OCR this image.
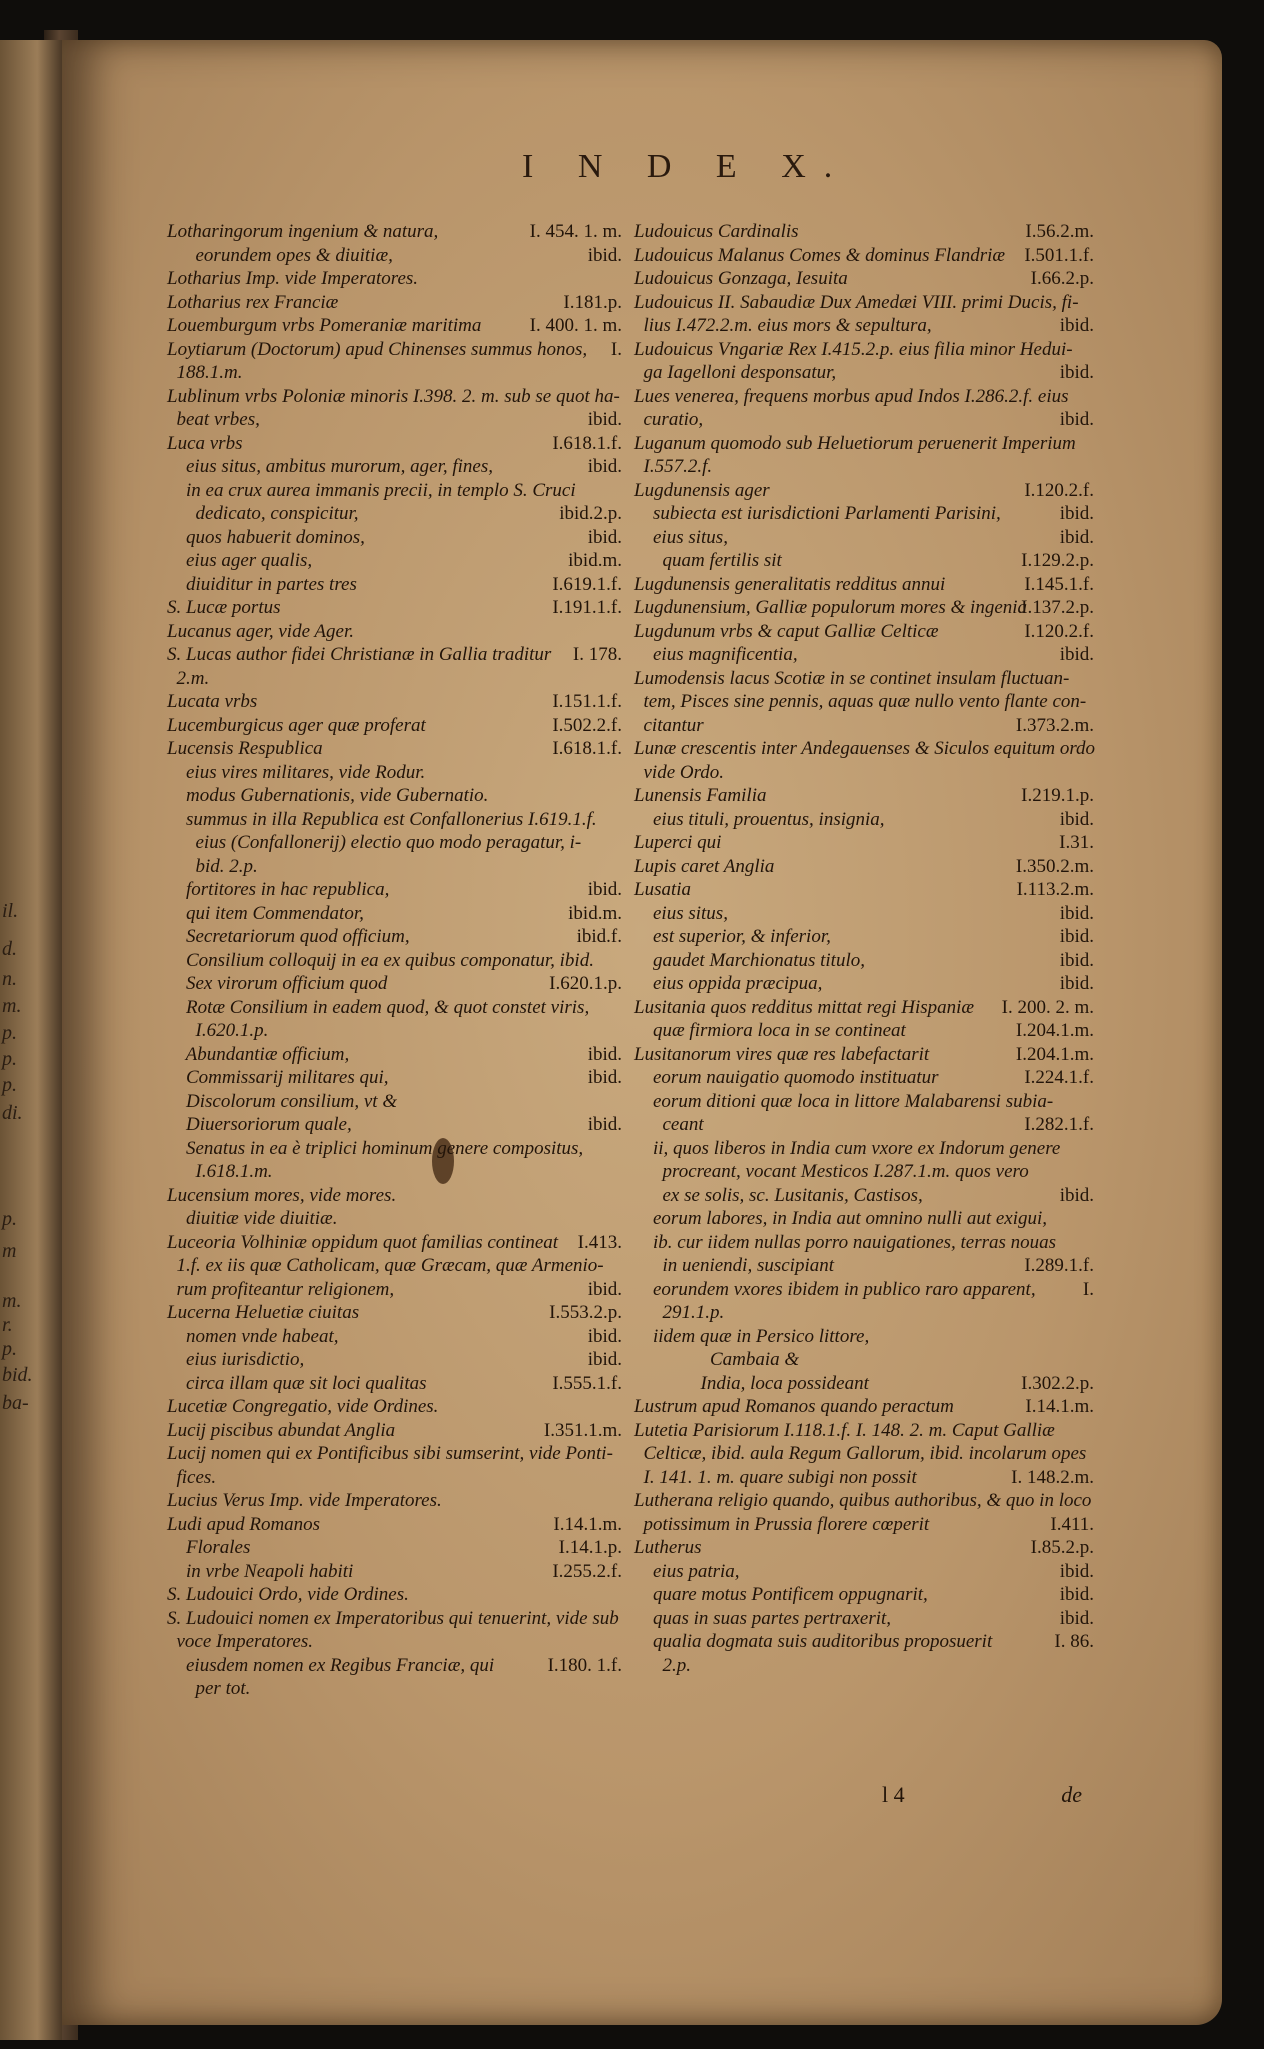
il.
d.
n.
m.
p.
p.
p.
di.
p.
m
m.
r.
p.
bid.
ba-
I N D E X.
Lotharingorum ingenium & natura,	I. 454. 1. m.
eorundem opes & diuitiæ,	ibid.
Lotharius Imp. vide Imperatores.
Lotharius rex Franciæ	I.181.p.
Louemburgum vrbs Pomeraniæ maritima	I. 400. 1. m.
Loytiarum (Doctorum) apud Chinenses summus honos, I.
188.1.m.
Lublinum vrbs Poloniæ minoris I.398. 2. m. sub se quot ha-
beat vrbes,	ibid.
Luca vrbs	I.618.1.f.
eius situs, ambitus murorum, ager, fines,	ibid.
in ea crux aurea immanis precii, in templo S. Cruci
dedicato, conspicitur,	ibid.2.p.
quos habuerit dominos,	ibid.
eius ager qualis,	ibid.m.
diuiditur in partes tres	I.619.1.f.
S. Lucæ portus	I.191.1.f.
Lucanus ager, vide Ager.
S. Lucas author fidei Christianæ in Gallia traditur I. 178.
2.m.
Lucata vrbs	I.151.1.f.
Lucemburgicus ager quæ proferat	I.502.2.f.
Lucensis Respublica	I.618.1.f.
eius vires militares, vide Rodur.
modus Gubernationis, vide Gubernatio.
summus in illa Republica est Confallonerius I.619.1.f.
eius (Confallonerij) electio quo modo peragatur, i-
bid. 2.p.
fortitores in hac republica,	ibid.
qui item Commendator,	ibid.m.
Secretariorum quod officium,	ibid.f.
Consilium colloquij in ea ex quibus componatur, ibid.
Sex virorum officium quod	I.620.1.p.
Rotæ Consilium in eadem quod, & quot constet viris,
I.620.1.p.
Abundantiæ officium,	ibid.
Commissarij militares qui,	ibid.
Discolorum consilium, vt &
Diuersoriorum quale,	ibid.
Senatus in ea è triplici hominum genere compositus,
I.618.1.m.
Lucensium mores, vide mores.
diuitiæ vide diuitiæ.
Luceoria Volhiniæ oppidum quot familias contineat I.413.
1.f. ex iis quæ Catholicam, quæ Græcam, quæ Armenio-
rum profiteantur religionem,	ibid.
Lucerna Heluetiæ ciuitas	I.553.2.p.
nomen vnde habeat,	ibid.
eius iurisdictio,	ibid.
circa illam quæ sit loci qualitas	I.555.1.f.
Lucetiæ Congregatio, vide Ordines.
Lucij piscibus abundat Anglia	I.351.1.m.
Lucij nomen qui ex Pontificibus sibi sumserint, vide Ponti-
fices.
Lucius Verus Imp. vide Imperatores.
Ludi apud Romanos	I.14.1.m.
Florales	I.14.1.p.
in vrbe Neapoli habiti	I.255.2.f.
S. Ludouici Ordo, vide Ordines.
S. Ludouici nomen ex Imperatoribus qui tenuerint, vide sub
voce Imperatores.
eiusdem nomen ex Regibus Franciæ, qui	I.180. 1.f.
per tot.
Ludouicus Cardinalis	I.56.2.m.
Ludouicus Malanus Comes & dominus Flandriæ I.501.1.f.
Ludouicus Gonzaga, Iesuita	I.66.2.p.
Ludouicus II. Sabaudiæ Dux Amedæi VIII. primi Ducis, fi-
lius I.472.2.m. eius mors & sepultura,	ibid.
Ludouicus Vngariæ Rex I.415.2.p. eius filia minor Hedui-
ga Iagelloni desponsatur,	ibid.
Lues venerea, frequens morbus apud Indos I.286.2.f. eius
curatio,	ibid.
Luganum quomodo sub Heluetiorum peruenerit Imperium
I.557.2.f.
Lugdunensis ager	I.120.2.f.
subiecta est iurisdictioni Parlamenti Parisini,	ibid.
eius situs,	ibid.
quam fertilis sit	I.129.2.p.
Lugdunensis generalitatis redditus annui	I.145.1.f.
Lugdunensium, Galliæ populorum mores & ingenia
I.137.2.p.
Lugdunum vrbs & caput Galliæ Celticæ	I.120.2.f.
eius magnificentia,	ibid.
Lumodensis lacus Scotiæ in se continet insulam fluctuan-
tem, Pisces sine pennis, aquas quæ nullo vento flante con-
citantur	I.373.2.m.
Lunæ crescentis inter Andegauenses & Siculos equitum ordo
vide Ordo.
Lunensis Familia	I.219.1.p.
eius tituli, prouentus, insignia,	ibid.
Luperci qui	I.31.
Lupis caret Anglia	I.350.2.m.
Lusatia	I.113.2.m.
eius situs,	ibid.
est superior, & inferior,	ibid.
gaudet Marchionatus titulo,	ibid.
eius oppida præcipua,	ibid.
Lusitania quos redditus mittat regi Hispaniæ I. 200. 2. m.
quæ firmiora loca in se contineat	I.204.1.m.
Lusitanorum vires quæ res labefactarit	I.204.1.m.
eorum nauigatio quomodo instituatur	I.224.1.f.
eorum ditioni quæ loca in littore Malabarensi subia-
ceant	I.282.1.f.
ii, quos liberos in India cum vxore ex Indorum genere
procreant, vocant Mesticos I.287.1.m. quos vero
ex se solis, sc. Lusitanis, Castisos,	ibid.
eorum labores, in India aut omnino nulli aut exigui,
ib. cur iidem nullas porro nauigationes, terras nouas
in ueniendi, suscipiant	I.289.1.f.
eorundem vxores ibidem in publico raro apparent, I.
291.1.p.
iidem quæ in Persico littore,
Cambaia &
India, loca possideant	I.302.2.p.
Lustrum apud Romanos quando peractum	I.14.1.m.
Lutetia Parisiorum I.118.1.f. I. 148. 2. m. Caput Galliæ
Celticæ, ibid. aula Regum Gallorum, ibid. incolarum opes
I. 141. 1. m. quare subigi non possit	I. 148.2.m.
Lutherana religio quando, quibus authoribus, & quo in loco
potissimum in Prussia florere cœperit	I.411.
Lutherus	I.85.2.p.
eius patria,	ibid.
quare motus Pontificem oppugnarit,	ibid.
quas in suas partes pertraxerit,	ibid.
qualia dogmata suis auditoribus proposuerit	I. 86.
2.p.
l 4	de
